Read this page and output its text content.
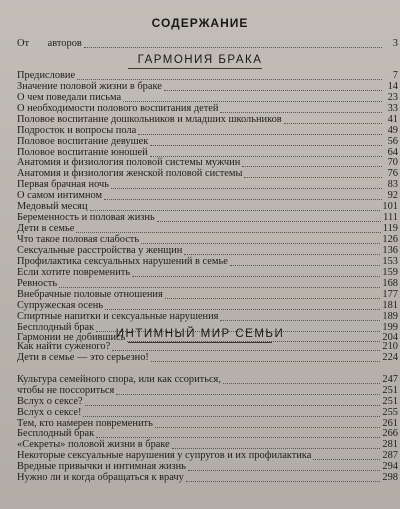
СОДЕРЖАНИЕ
От авторов	3
ГАРМОНИЯ БРАКА
Предисловие	7
Значение половой жизни в браке	14
О чем поведали письма	23
О необходимости полового воспитания детей	33
Половое воспитание дошкольников и младших школьников	41
Подросток и вопросы пола	49
Половое воспитание девушек	56
Половое воспитание юношей	64
Анатомия и физиология половой системы мужчин	70
Анатомия и физиология женской половой системы	76
Первая брачная ночь	83
О самом интимном	92
Медовый месяц	101
Беременность и половая жизнь	111
Дети в семье	119
Что такое половая слабость	126
Сексуальные расстройства у женщин	136
Профилактика сексуальных нарушений в семье	153
Если хотите повременить	159
Ревность	168
Внебрачные половые отношения	177
Супружеская осень	181
Спиртные напитки и сексуальные нарушения	189
Бесплодный брак	199
Гармонии не добившись	204
ИНТИМНЫЙ МИР СЕМЬИ
Как найти суженого?	210
Дети в семье — это серьезно!	224
Культура семейного спора, или как ссориться,	247
чтобы не поссориться	251
Вслух о сексе?	251
Вслух о сексе!	255
Тем, кто намерен повременить	261
Бесплодный брак	266
«Секреты» половой жизни в браке	281
Некоторые сексуальные нарушения у супругов и их профилактика	287
Вредные привычки и интимная жизнь	294
Нужно ли и когда обращаться к врачу	298
